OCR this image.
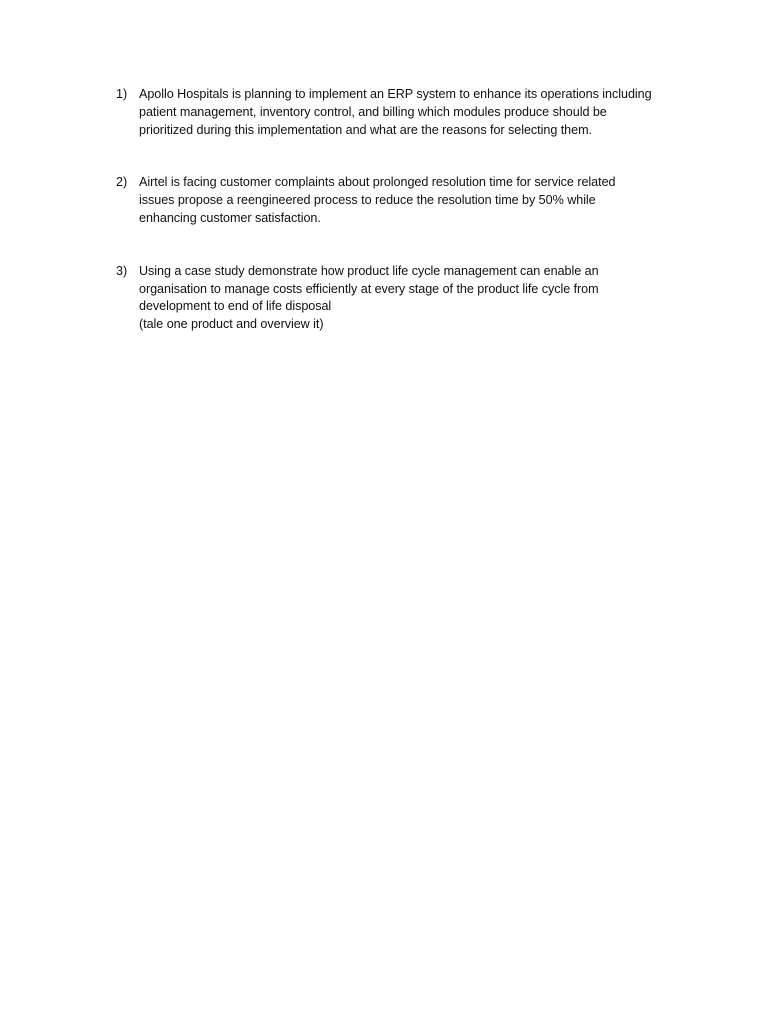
1) Apollo Hospitals is planning to implement an ERP system to enhance its operations including
patient management, inventory control, and billing which modules produce should be
prioritized during this implementation and what are the reasons for selecting them.
2) Airtel is facing customer complaints about prolonged resolution time for service related
issues propose a reengineered process to reduce the resolution time by 50% while
enhancing customer satisfaction.
3) Using a case study demonstrate how product life cycle management can enable an
organisation to manage costs efficiently at every stage of the product life cycle from
development to end of life disposal
(tale one product and overview it)
